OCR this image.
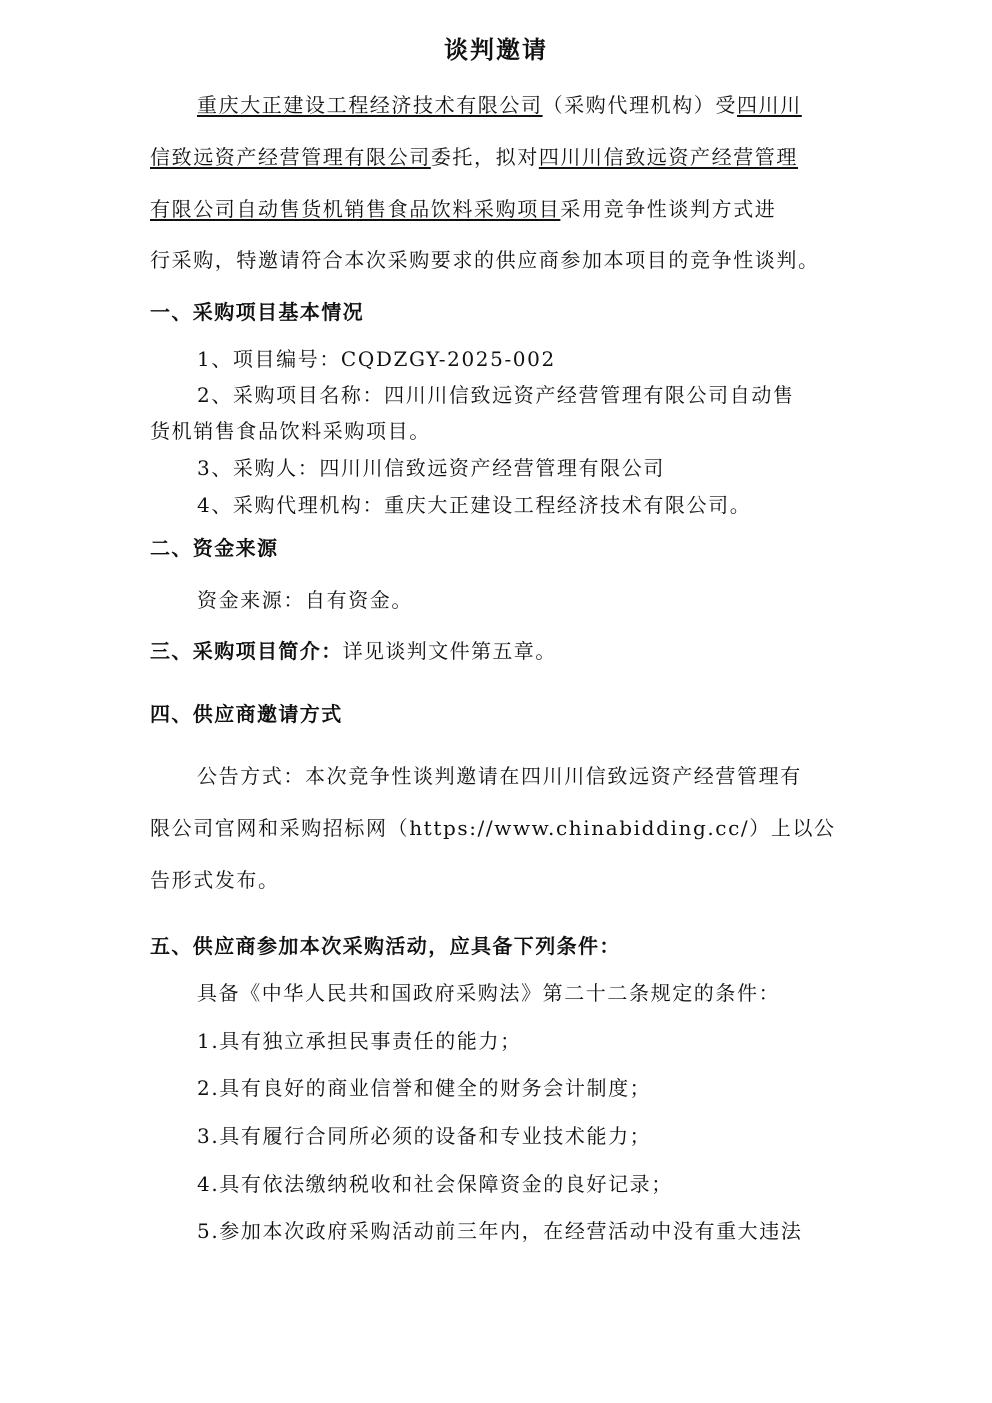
谈判邀请
重庆大正建设工程经济技术有限公司（采购代理机构）受四川川
信致远资产经营管理有限公司委托，拟对四川川信致远资产经营管理
有限公司自动售货机销售食品饮料采购项目采用竞争性谈判方式进
行采购，特邀请符合本次采购要求的供应商参加本项目的竞争性谈判。
一、采购项目基本情况
1、项目编号：CQDZGY-2025-002
2、采购项目名称：四川川信致远资产经营管理有限公司自动售
货机销售食品饮料采购项目。
3、采购人：四川川信致远资产经营管理有限公司
4、采购代理机构：重庆大正建设工程经济技术有限公司。
二、资金来源
资金来源：自有资金。
三、采购项目简介：详见谈判文件第五章。
四、供应商邀请方式
公告方式：本次竞争性谈判邀请在四川川信致远资产经营管理有
限公司官网和采购招标网（https://www.chinabidding.cc/）上以公
告形式发布。
五、供应商参加本次采购活动，应具备下列条件：
具备《中华人民共和国政府采购法》第二十二条规定的条件：
1.具有独立承担民事责任的能力；
2.具有良好的商业信誉和健全的财务会计制度；
3.具有履行合同所必须的设备和专业技术能力；
4.具有依法缴纳税收和社会保障资金的良好记录；
5.参加本次政府采购活动前三年内，在经营活动中没有重大违法
